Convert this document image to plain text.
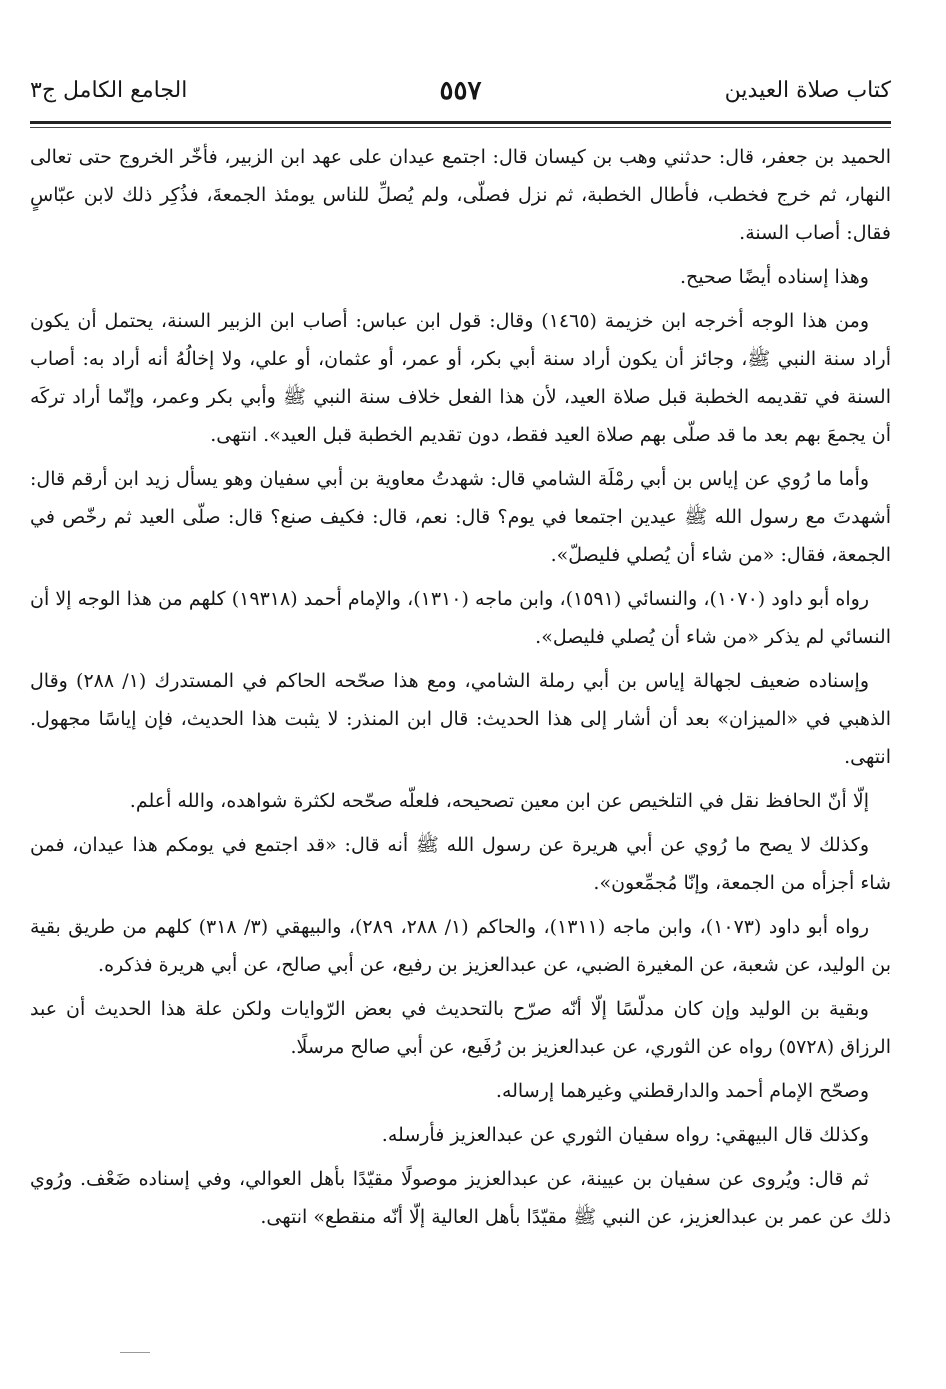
كتاب صلاة العيدين
٥٥٧
الجامع الكامل ج٣

الحميد بن جعفر، قال: حدثني وهب بن كيسان قال: اجتمع عيدان على عهد ابن الزبير، فأخّر الخروج حتى تعالى النهار، ثم خرج فخطب، فأطال الخطبة، ثم نزل فصلّى، ولم يُصلِّ للناس يومئذ الجمعةَ، فذُكِر ذلك لابن عبّاسٍ فقال: أصاب السنة.

وهذا إسناده أيضًا صحيح.

ومن هذا الوجه أخرجه ابن خزيمة (١٤٦٥) وقال: قول ابن عباس: أصاب ابن الزبير السنة، يحتمل أن يكون أراد سنة النبي ﷺ، وجائز أن يكون أراد سنة أبي بكر، أو عمر، أو عثمان، أو علي، ولا إخالُهُ أنه أراد به: أصاب السنة في تقديمه الخطبة قبل صلاة العيد، لأن هذا الفعل خلاف سنة النبي ﷺ وأبي بكر وعمر، وإنّما أراد تركَه أن يجمعَ بهم بعد ما قد صلّى بهم صلاة العيد فقط، دون تقديم الخطبة قبل العيد». انتهى.

وأما ما رُوي عن إياس بن أبي رمْلَة الشامي قال: شهدتُ معاوية بن أبي سفيان وهو يسأل زيد ابن أرقم قال: أشهدتَ مع رسول الله ﷺ عيدين اجتمعا في يوم؟ قال: نعم، قال: فكيف صنع؟ قال: صلّى العيد ثم رخّص في الجمعة، فقال: «من شاء أن يُصلي فليصلّ».

رواه أبو داود (١٠٧٠)، والنسائي (١٥٩١)، وابن ماجه (١٣١٠)، والإمام أحمد (١٩٣١٨) كلهم من هذا الوجه إلا أن النسائي لم يذكر «من شاء أن يُصلي فليصل».

وإسناده ضعيف لجهالة إياس بن أبي رملة الشامي، ومع هذا صحّحه الحاكم في المستدرك (١/ ٢٨٨) وقال الذهبي في «الميزان» بعد أن أشار إلى هذا الحديث: قال ابن المنذر: لا يثبت هذا الحديث، فإن إياسًا مجهول. انتهى.

إلّا أنّ الحافظ نقل في التلخيص عن ابن معين تصحيحه، فلعلّه صحّحه لكثرة شواهده، والله أعلم.

وكذلك لا يصح ما رُوي عن أبي هريرة عن رسول الله ﷺ أنه قال: «قد اجتمع في يومكم هذا عيدان، فمن شاء أجزأه من الجمعة، وإنّا مُجمِّعون».

رواه أبو داود (١٠٧٣)، وابن ماجه (١٣١١)، والحاكم (١/ ٢٨٨، ٢٨٩)، والبيهقي (٣/ ٣١٨) كلهم من طريق بقية بن الوليد، عن شعبة، عن المغيرة الضبي، عن عبدالعزيز بن رفيع، عن أبي صالح، عن أبي هريرة فذكره.

وبقية بن الوليد وإن كان مدلّسًا إلّا أنّه صرّح بالتحديث في بعض الرّوايات ولكن علة هذا الحديث أن عبد الرزاق (٥٧٢٨) رواه عن الثوري، عن عبدالعزيز بن رُفَيع، عن أبي صالح مرسلًا.

وصحّح الإمام أحمد والدارقطني وغيرهما إرساله.

وكذلك قال البيهقي: رواه سفيان الثوري عن عبدالعزيز فأرسله.

ثم قال: ويُروى عن سفيان بن عيينة، عن عبدالعزيز موصولًا مقيّدًا بأهل العوالي، وفي إسناده ضَعْف. ورُوي ذلك عن عمر بن عبدالعزيز، عن النبي ﷺ مقيّدًا بأهل العالية إلّا أنّه منقطع» انتهى.
